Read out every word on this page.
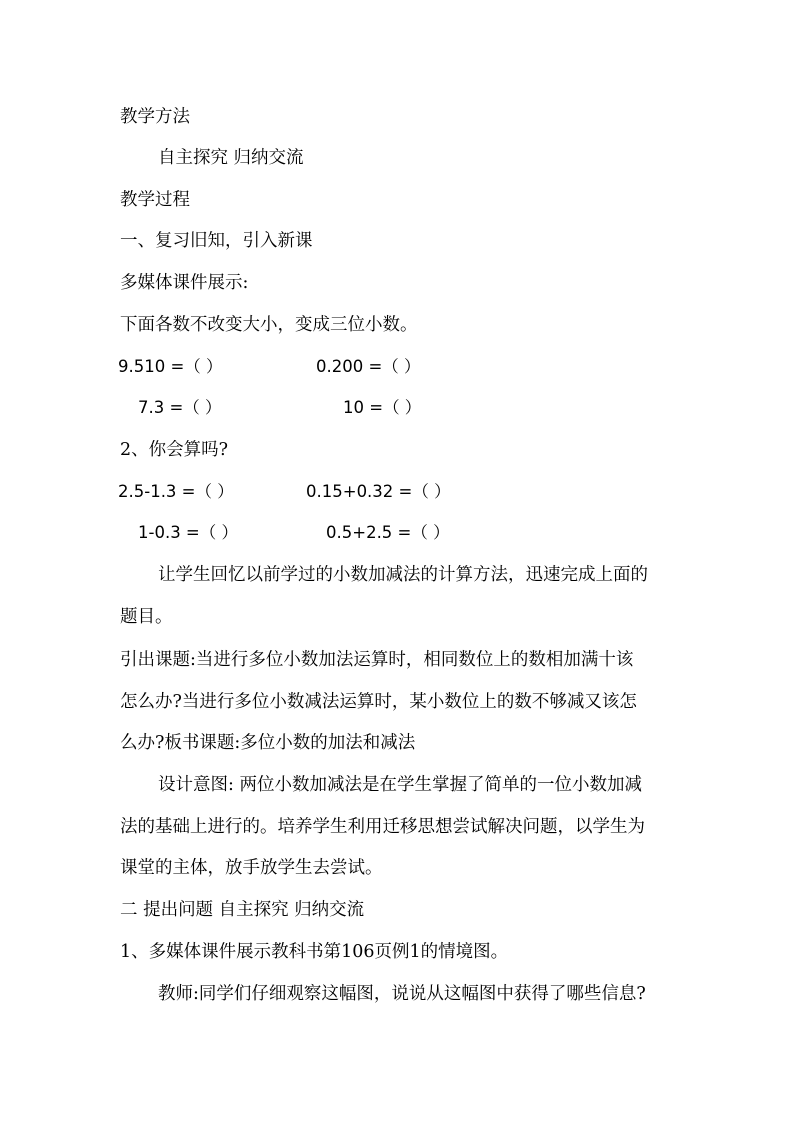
教学方法
自主探究 归纳交流
教学过程
一、复习旧知，引入新课
多媒体课件展示:
下面各数不改变大小，变成三位小数。
9.510 =（ ）	0.200 =（ ）
7.3 =（ ）	10 =（ ）
2、你会算吗?
2.5-1.3 =（ ）	0.15+0.32 =（ ）
1-0.3 =（ ）	0.5+2.5 =（ ）
让学生回忆以前学过的小数加减法的计算方法，迅速完成上面的
题目。
引出课题:当进行多位小数加法运算时，相同数位上的数相加满十该
怎么办?当进行多位小数减法运算时，某小数位上的数不够减又该怎
么办?板书课题:多位小数的加法和减法
设计意图: 两位小数加减法是在学生掌握了简单的一位小数加减
法的基础上进行的。培养学生利用迁移思想尝试解决问题，以学生为
课堂的主体，放手放学生去尝试。
二 提出问题 自主探究 归纳交流
1、多媒体课件展示教科书第106页例1的情境图。
教师:同学们仔细观察这幅图，说说从这幅图中获得了哪些信息?
